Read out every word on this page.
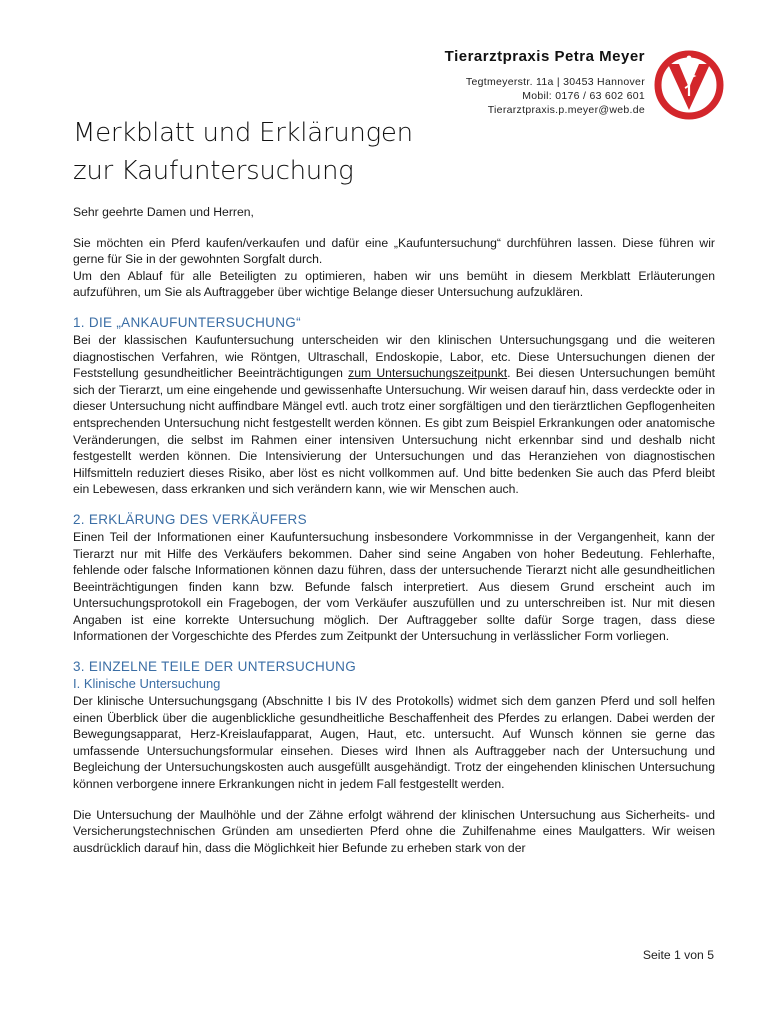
Tierarztpraxis Petra Meyer
Tegtmeyerstr. 11a | 30453 Hannover
Mobil: 0176 / 63 602 601
Tierarztpraxis.p.meyer@web.de
Merkblatt und Erklärungen
zur Kaufuntersuchung

Sehr geehrte Damen und Herren,

Sie möchten ein Pferd kaufen/verkaufen und dafür eine „Kaufuntersuchung“ durchführen lassen. Diese führen wir gerne für Sie in der gewohnten Sorgfalt durch.

Um den Ablauf für alle Beteiligten zu optimieren, haben wir uns bemüht in diesem Merkblatt Erläuterungen aufzuführen, um Sie als Auftraggeber über wichtige Belange dieser Untersuchung aufzuklären.

1. DIE „ANKAUFUNTERSUCHUNG“

Bei der klassischen Kaufuntersuchung unterscheiden wir den klinischen Untersuchungsgang und die weiteren diagnostischen Verfahren, wie Röntgen, Ultraschall, Endoskopie, Labor, etc. Diese Untersuchungen dienen der Feststellung gesundheitlicher Beeinträchtigungen zum Untersuchungszeitpunkt. Bei diesen Untersuchungen bemüht sich der Tierarzt, um eine eingehende und gewissenhafte Untersuchung. Wir weisen darauf hin, dass verdeckte oder in dieser Untersuchung nicht auffindbare Mängel evtl. auch trotz einer sorgfältigen und den tierärztlichen Gepflogenheiten entsprechenden Untersuchung nicht festgestellt werden können. Es gibt zum Beispiel Erkrankungen oder anatomische Veränderungen, die selbst im Rahmen einer intensiven Untersuchung nicht erkennbar sind und deshalb nicht festgestellt werden können. Die Intensivierung der Untersuchungen und das Heranziehen von diagnostischen Hilfsmitteln reduziert dieses Risiko, aber löst es nicht vollkommen auf. Und bitte bedenken Sie auch das Pferd bleibt ein Lebewesen, dass erkranken und sich verändern kann, wie wir Menschen auch.

2. ERKLÄRUNG DES VERKÄUFERS

Einen Teil der Informationen einer Kaufuntersuchung insbesondere Vorkommnisse in der Vergangenheit, kann der Tierarzt nur mit Hilfe des Verkäufers bekommen. Daher sind seine Angaben von hoher Bedeutung. Fehlerhafte, fehlende oder falsche Informationen können dazu führen, dass der untersuchende Tierarzt nicht alle gesundheitlichen Beeinträchtigungen finden kann bzw. Befunde falsch interpretiert. Aus diesem Grund erscheint auch im Untersuchungsprotokoll ein Fragebogen, der vom Verkäufer auszufüllen und zu unterschreiben ist. Nur mit diesen Angaben ist eine korrekte Untersuchung möglich. Der Auftraggeber sollte dafür Sorge tragen, dass diese Informationen der Vorgeschichte des Pferdes zum Zeitpunkt der Untersuchung in verlässlicher Form vorliegen.

3. EINZELNE TEILE DER UNTERSUCHUNG
I. Klinische Untersuchung

Der klinische Untersuchungsgang (Abschnitte I bis IV des Protokolls) widmet sich dem ganzen Pferd und soll helfen einen Überblick über die augenblickliche gesundheitliche Beschaffenheit des Pferdes zu erlangen. Dabei werden der Bewegungsapparat, Herz-Kreislaufapparat, Augen, Haut, etc. untersucht. Auf Wunsch können sie gerne das umfassende Untersuchungsformular einsehen. Dieses wird Ihnen als Auftraggeber nach der Untersuchung und Begleichung der Untersuchungskosten auch ausgefüllt ausgehändigt. Trotz der eingehenden klinischen Untersuchung können verborgene innere Erkrankungen nicht in jedem Fall festgestellt werden.

Die Untersuchung der Maulhöhle und der Zähne erfolgt während der klinischen Untersuchung aus Sicherheits- und Versicherungstechnischen Gründen am unsedierten Pferd ohne die Zuhilfenahme eines Maulgatters. Wir weisen ausdrücklich darauf hin, dass die Möglichkeit hier Befunde zu erheben stark von der

Seite 1 von 5
